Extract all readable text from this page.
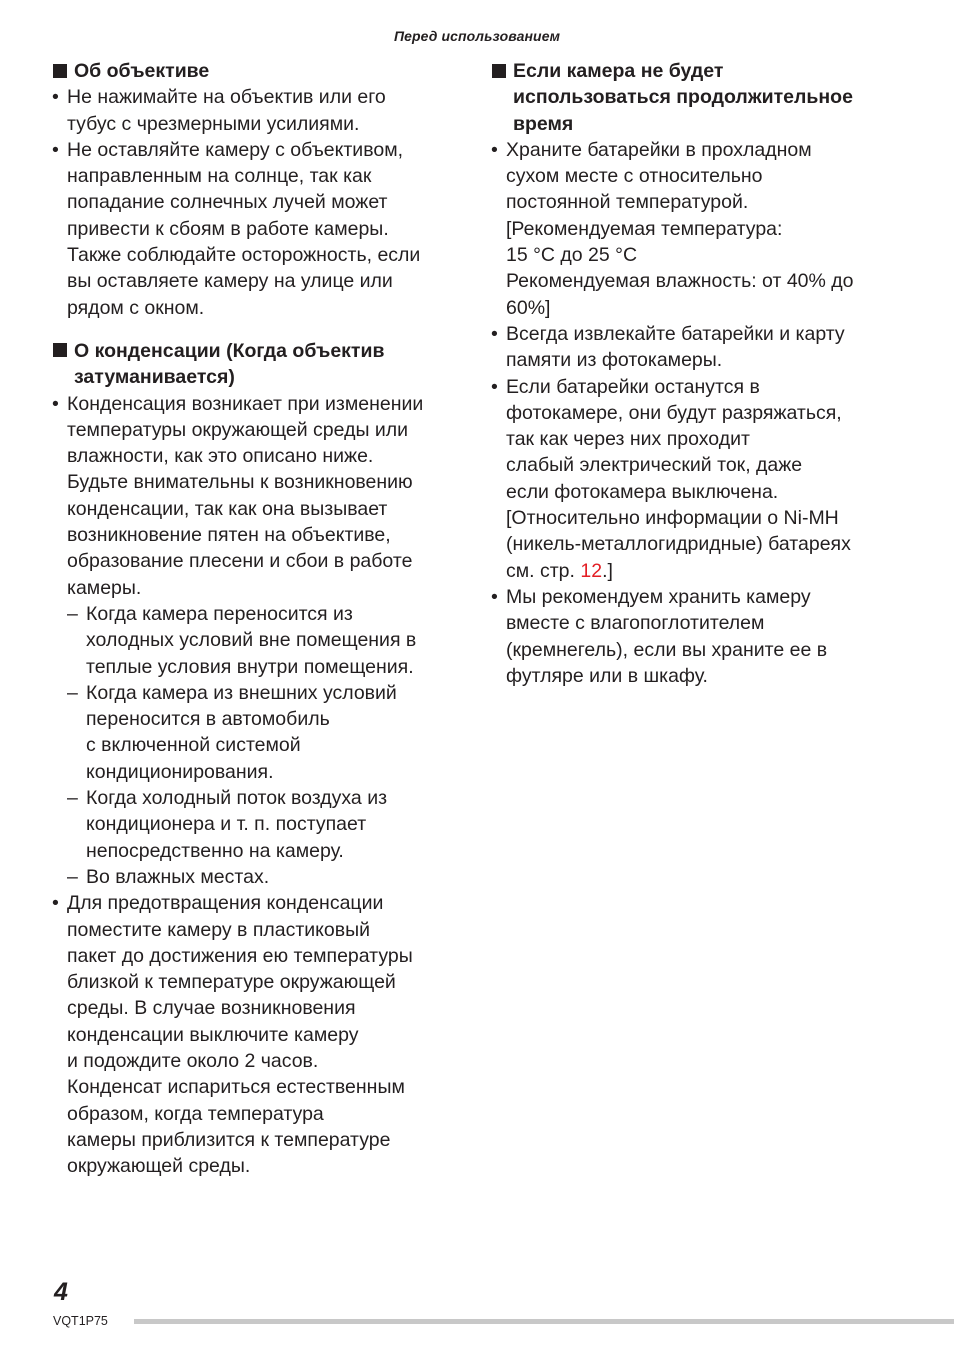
Перед использованием
Об объективе
• Не нажимайте на объектив или его
тубус с чрезмерными усилиями.
• Не оставляйте камеру с объективом,
направленным на солнце, так как
попадание солнечных лучей может
привести к сбоям в работе камеры.
Также соблюдайте осторожность, если
вы оставляете камеру на улице или
рядом с окном.
О конденсации (Когда объектив
затуманивается)
• Конденсация возникает при изменении
температуры окружающей среды или
влажности, как это описано ниже.
Будьте внимательны к возникновению
конденсации, так как она вызывает
возникновение пятен на объективе,
образование плесени и сбои в работе
камеры.
– Когда камера переносится из
холодных условий вне помещения в
теплые условия внутри помещения.
– Когда камера из внешних условий
переносится в автомобиль
с включенной системой
кондиционирования.
– Когда холодный поток воздуха из
кондиционера и т. п. поступает
непосредственно на камеру.
– Во влажных местах.
• Для предотвращения конденсации
поместите камеру в пластиковый
пакет до достижения ею температуры
близкой к температуре окружающей
среды. В случае возникновения
конденсации выключите камеру
и подождите около 2 часов.
Конденсат испариться естественным
образом, когда температура
камеры приблизится к температуре
окружающей среды.
Если камера не будет
использоваться продолжительное
время
• Храните батарейки в прохладном
сухом месте с относительно
постоянной температурой.
[Рекомендуемая температура:
15 °C до 25 °C
Рекомендуемая влажность: от 40% до
60%]
• Всегда извлекайте батарейки и карту
памяти из фотокамеры.
• Если батарейки останутся в
фотокамере, они будут разряжаться,
так как через них проходит
слабый электрический ток, даже
если фотокамера выключена.
[Относительно информации о Ni-MH
(никель-металлогидридные) батареях
см. стр. 12.]
• Мы рекомендуем хранить камеру
вместе с влагопоглотителем
(кремнегель), если вы храните ее в
футляре или в шкафу.
4
VQT1P75
